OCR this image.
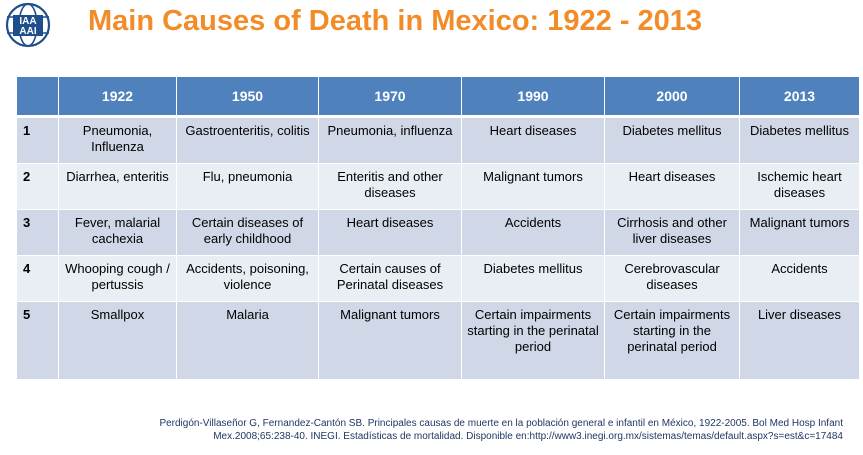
IAA
AAI Main Causes of Death in Mexico: 1922 - 2013
	1922	1950	1970	1990	2000	2013
1	Pneumonia, Influenza	Gastroenteritis, colitis	Pneumonia, influenza	Heart diseases	Diabetes mellitus	Diabetes mellitus
2	Diarrhea, enteritis	Flu, pneumonia	Enteritis and other diseases	Malignant tumors	Heart diseases	Ischemic heart diseases
3	Fever, malarial cachexia	Certain diseases of early childhood	Heart diseases	Accidents	Cirrhosis and other liver diseases	Malignant tumors
4	Whooping cough / pertussis	Accidents, poisoning, violence	Certain causes of Perinatal diseases	Diabetes mellitus	Cerebrovascular diseases	Accidents
5	Smallpox	Malaria	Malignant tumors	Certain impairments starting in the perinatal period	Certain impairments starting in the perinatal period	Liver diseases
Perdigón-Villaseñor G, Fernandez-Cantón SB. Principales causas de muerte en la población general e infantil en México, 1922-2005. Bol Med Hosp Infant
Mex.2008;65:238-40. INEGI. Estadísticas de mortalidad. Disponible en:http://www3.inegi.org.mx/sistemas/temas/default.aspx?s=est&c=17484
